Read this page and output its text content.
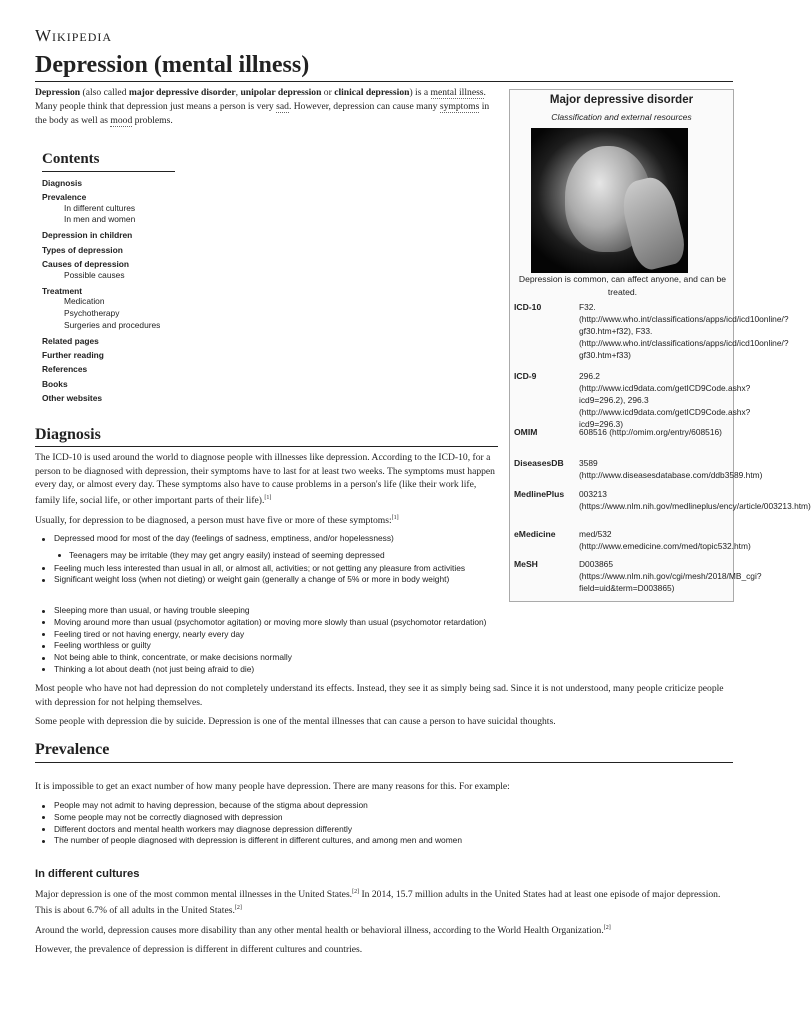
Wikipedia
Depression (mental illness)
Depression (also called major depressive disorder, unipolar depression or clinical depression) is a mental illness. Many people think that depression just means a person is very sad. However, depression can cause many symptoms in the body as well as mood problems.
Major depressive disorder
Classification and external resources
Depression is common, can affect anyone, and can be treated.
ICD-10	F32. (http://www.who.int/classifications/apps/icd/icd10online/?gf30.htm+f32), F33. (http://www.who.int/classifications/apps/icd/icd10online/?gf30.htm+f33)
ICD-9	296.2 (http://www.icd9data.com/getICD9Code.ashx?icd9=296.2), 296.3 (http://www.icd9data.com/getICD9Code.ashx?icd9=296.3)
OMIM	608516 (http://omim.org/entry/608516)
DiseasesDB 3589 (http://www.diseasesdatabase.com/ddb3589.htm)
MedlinePlus 003213 (https://www.nlm.nih.gov/medlineplus/ency/article/003213.htm)
eMedicine	med/532 (http://www.emedicine.com/med/topic532.htm)
MeSH	D003865 (https://www.nlm.nih.gov/cgi/mesh/2018/MB_cgi?field=uid&term=D003865)
Contents
Diagnosis
Prevalence
In different cultures
In men and women
Depression in children
Types of depression
Causes of depression
Possible causes
Treatment
Medication
Psychotherapy
Surgeries and procedures
Related pages
Further reading
References
Books
Other websites
Diagnosis
The ICD-10 is used around the world to diagnose people with illnesses like depression. According to the ICD-10, for a person to be diagnosed with depression, their symptoms have to last for at least two weeks. The symptoms must happen every day, or almost every day. These symptoms also have to cause problems in a person's life (like their work life, family life, social life, or other important parts of their life).[1]
Usually, for depression to be diagnosed, a person must have five or more of these symptoms:[1]
Depressed mood for most of the day (feelings of sadness, emptiness, and/or hopelessness)
Teenagers may be irritable (they may get angry easily) instead of seeming depressed
Feeling much less interested than usual in all, or almost all, activities; or not getting any pleasure from activities
Significant weight loss (when not dieting) or weight gain (generally a change of 5% or more in body weight)
Sleeping more than usual, or having trouble sleeping
Moving around more than usual (psychomotor agitation) or moving more slowly than usual (psychomotor retardation)
Feeling tired or not having energy, nearly every day
Feeling worthless or guilty
Not being able to think, concentrate, or make decisions normally
Thinking a lot about death (not just being afraid to die)
Most people who have not had depression do not completely understand its effects. Instead, they see it as simply being sad. Since it is not understood, many people criticize people with depression for not helping themselves.
Some people with depression die by suicide. Depression is one of the mental illnesses that can cause a person to have suicidal thoughts.
Prevalence
It is impossible to get an exact number of how many people have depression. There are many reasons for this. For example:
People may not admit to having depression, because of the stigma about depression
Some people may not be correctly diagnosed with depression
Different doctors and mental health workers may diagnose depression differently
The number of people diagnosed with depression is different in different cultures, and among men and women
In different cultures
Major depression is one of the most common mental illnesses in the United States.[2] In 2014, 15.7 million adults in the United States had at least one episode of major depression. This is about 6.7% of all adults in the United States.[2]
Around the world, depression causes more disability than any other mental health or behavioral illness, according to the World Health Organization.[2]
However, the prevalence of depression is different in different cultures and countries.
